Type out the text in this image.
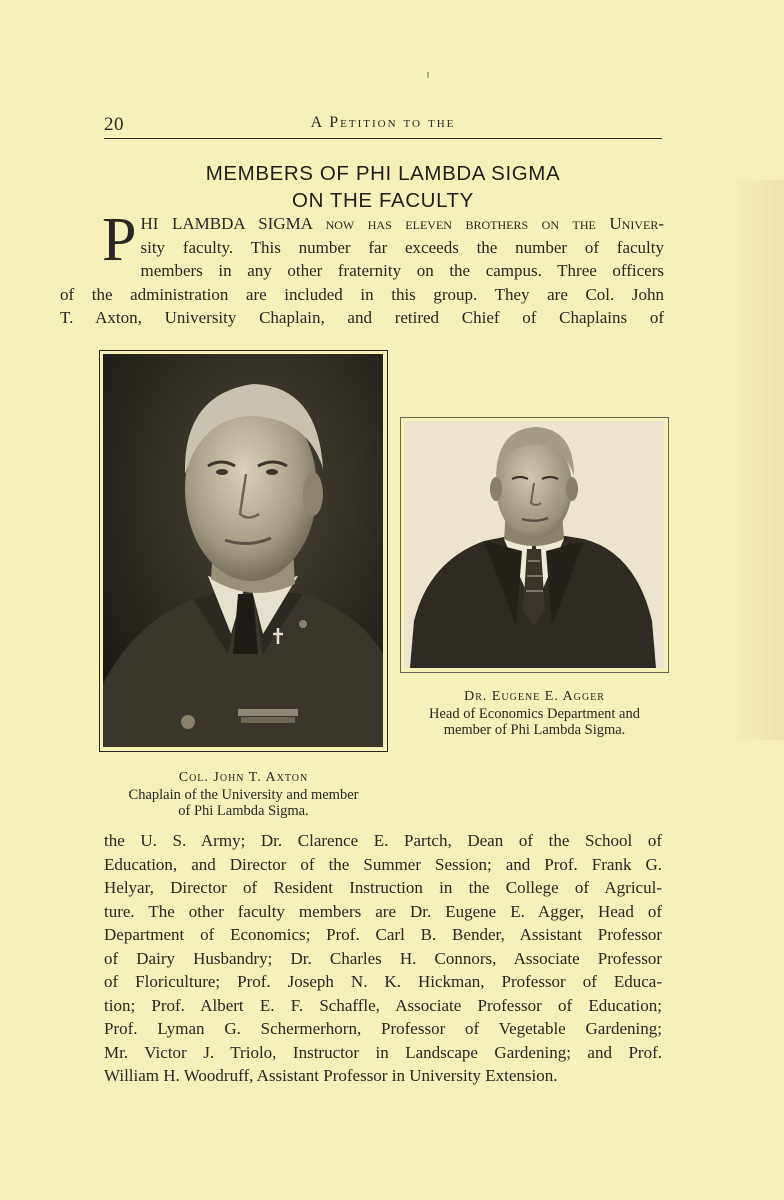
20	A Petition to the
MEMBERS OF PHI LAMBDA SIGMA
ON THE FACULTY
P HI LAMBDA SIGMA now has eleven brothers on the Univer-
sity faculty. This number far exceeds the number of faculty
members in any other fraternity on the campus. Three officers
of the administration are included in this group. They are Col. John
T. Axton, University Chaplain, and retired Chief of Chaplains of
Dr. Eugene E. Agger
Head of Economics Department and
member of Phi Lambda Sigma.
Col. John T. Axton
Chaplain of the University and member
of Phi Lambda Sigma.
the U. S. Army; Dr. Clarence E. Partch, Dean of the School of
Education, and Director of the Summer Session; and Prof. Frank G.
Helyar, Director of Resident Instruction in the College of Agricul-
ture. The other faculty members are Dr. Eugene E. Agger, Head of
Department of Economics; Prof. Carl B. Bender, Assistant Professor
of Dairy Husbandry; Dr. Charles H. Connors, Associate Professor
of Floriculture; Prof. Joseph N. K. Hickman, Professor of Educa-
tion; Prof. Albert E. F. Schaffle, Associate Professor of Education;
Prof. Lyman G. Schermerhorn, Professor of Vegetable Gardening;
Mr. Victor J. Triolo, Instructor in Landscape Gardening; and Prof.
William H. Woodruff, Assistant Professor in University Extension.
